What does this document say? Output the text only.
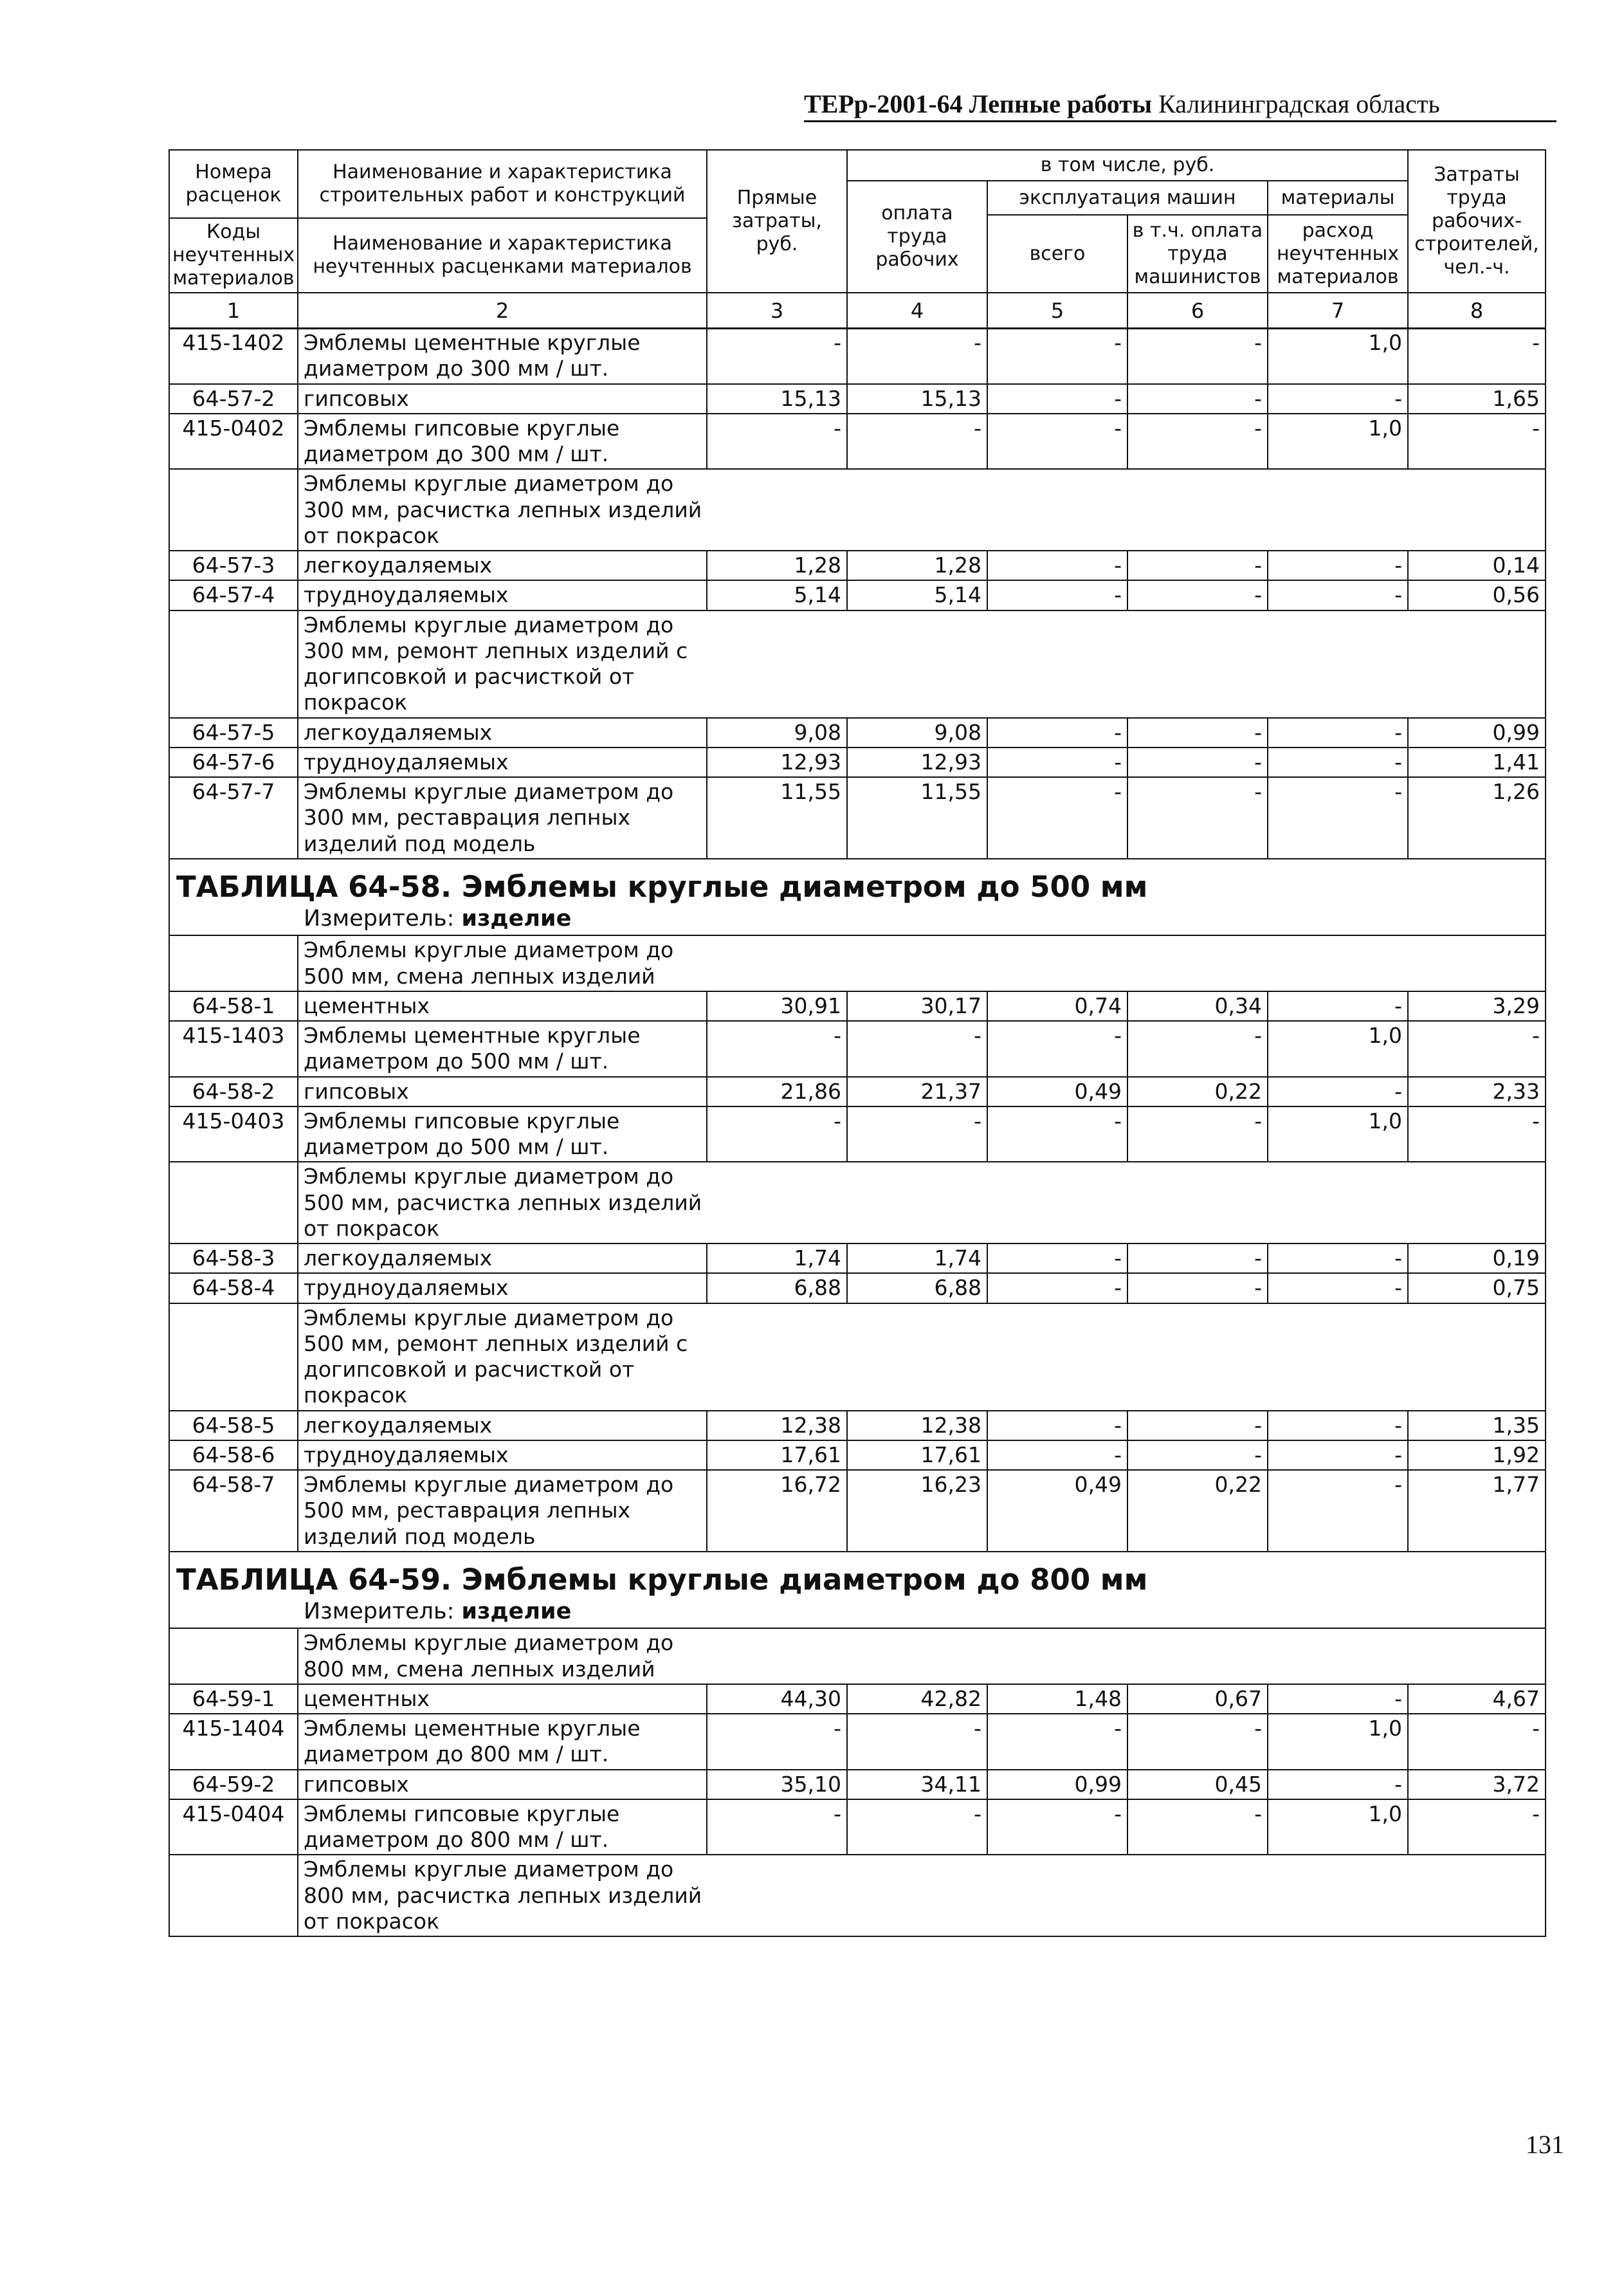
ТЕРр-2001-64 Лепные работы Калининградская область
Номера расценок	Наименование и характеристика строительных работ и конструкций	Прямые затраты, руб.	в том числе, руб.				Затраты труда рабочих-строителей, чел.-ч.
			оплата труда рабочих	эксплуатация машин		материалы	
				всего	в т.ч. оплата труда машинистов	расход неучтенных материалов	
Коды неучтенных материалов	Наименование и характеристика неучтенных расценками материалов						

1	2	3	4	5	6	7	8
415-1402	Эмблемы цементные круглые диаметром до 300 мм / шт.	-	-	-	-	1,0	-
64-57-2	гипсовых	15,13	15,13	-	-	-	1,65
415-0402	Эмблемы гипсовые круглые диаметром до 300 мм / шт.	-	-	-	-	1,0	-

	Эмблемы круглые диаметром до 300 мм, расчистка лепных изделий от покрасок						

64-57-3	легкоудаляемых	1,28	1,28	-	-	-	0,14
64-57-4	трудноудаляемых	5,14	5,14	-	-	-	0,56

	Эмблемы круглые диаметром до 300 мм, ремонт лепных изделий с догипсовкой и расчисткой от покрасок						

64-57-5	легкоудаляемых	9,08	9,08	-	-	-	0,99
64-57-6	трудноудаляемых	12,93	12,93	-	-	-	1,41
64-57-7	Эмблемы круглые диаметром до 300 мм, реставрация лепных изделий под модель	11,55	11,55	-	-	-	1,26

ТАБЛИЦА 64-58. Эмблемы круглые диаметром до 500 мм
Измеритель: изделие							

	Эмблемы круглые диаметром до 500 мм, смена лепных изделий						

64-58-1	цементных	30,91	30,17	0,74	0,34	-	3,29
415-1403	Эмблемы цементные круглые диаметром до 500 мм / шт.	-	-	-	-	1,0	-
64-58-2	гипсовых	21,86	21,37	0,49	0,22	-	2,33
415-0403	Эмблемы гипсовые круглые диаметром до 500 мм / шт.	-	-	-	-	1,0	-

	Эмблемы круглые диаметром до 500 мм, расчистка лепных изделий от покрасок						

64-58-3	легкоудаляемых	1,74	1,74	-	-	-	0,19
64-58-4	трудноудаляемых	6,88	6,88	-	-	-	0,75

	Эмблемы круглые диаметром до 500 мм, ремонт лепных изделий с догипсовкой и расчисткой от покрасок						

64-58-5	легкоудаляемых	12,38	12,38	-	-	-	1,35
64-58-6	трудноудаляемых	17,61	17,61	-	-	-	1,92
64-58-7	Эмблемы круглые диаметром до 500 мм, реставрация лепных изделий под модель	16,72	16,23	0,49	0,22	-	1,77

ТАБЛИЦА 64-59. Эмблемы круглые диаметром до 800 мм
Измеритель: изделие							

	Эмблемы круглые диаметром до 800 мм, смена лепных изделий						

64-59-1	цементных	44,30	42,82	1,48	0,67	-	4,67
415-1404	Эмблемы цементные круглые диаметром до 800 мм / шт.	-	-	-	-	1,0	-
64-59-2	гипсовых	35,10	34,11	0,99	0,45	-	3,72
415-0404	Эмблемы гипсовые круглые диаметром до 800 мм / шт.	-	-	-	-	1,0	-

	Эмблемы круглые диаметром до 800 мм, расчистка лепных изделий от покрасок						
131
